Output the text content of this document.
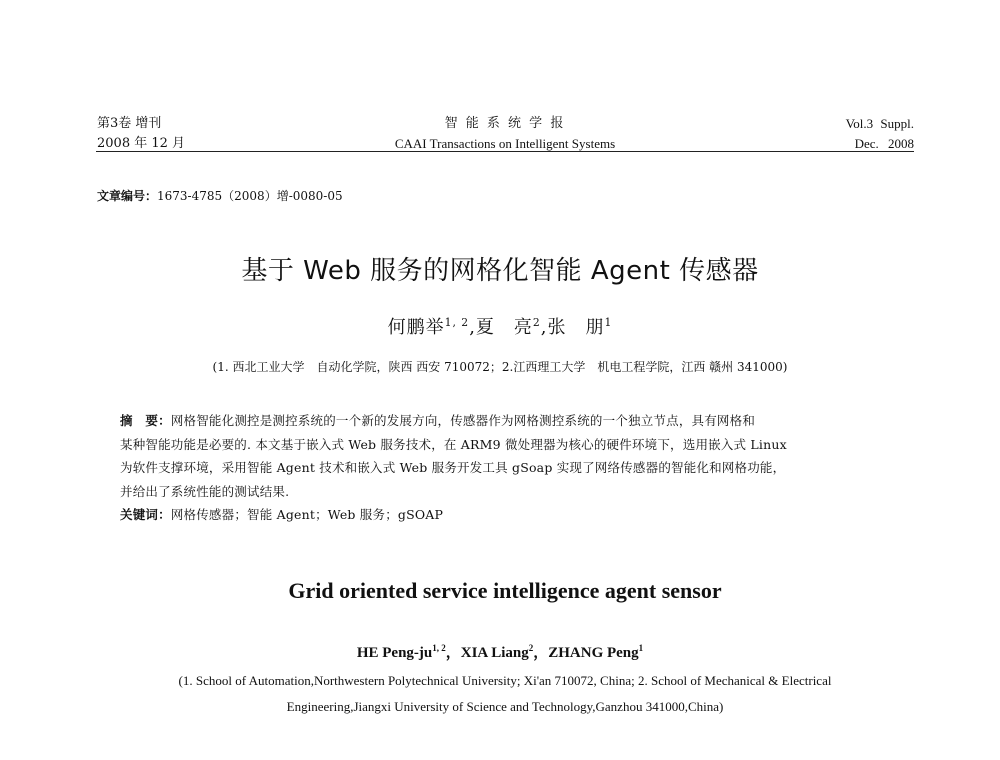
第3卷 增刊
2008 年 12 月
智 能 系 统 学 报
CAAI Transactions on Intelligent Systems
Vol.3 Suppl.
Dec. 2008
文章编号：1673-4785（2008）增-0080-05
基于 Web 服务的网格化智能 Agent 传感器
何鹏举$^{1, 2}$,夏　亮$^2$,张　朋$^1$
(1. 西北工业大学　自动化学院，陕西 西安 710072；2.江西理工大学　机电工程学院，江西 赣州 341000)
摘　要：网格智能化测控是测控系统的一个新的发展方向，传感器作为网格测控系统的一个独立节点，具有网格和
某种智能功能是必要的. 本文基于嵌入式 Web 服务技术，在 ARM9 微处理器为核心的硬件环境下，选用嵌入式 Linux
为软件支撑环境，采用智能 Agent 技术和嵌入式 Web 服务开发工具 gSoap 实现了网络传感器的智能化和网格功能，
并给出了系统性能的测试结果.
关键词：网格传感器；智能 Agent；Web 服务；gSOAP
Grid oriented service intelligence agent sensor
HE Peng-ju$^{1, 2}$，XIA Liang$^2$，ZHANG Peng$^1$
(1. School of Automation,Northwestern Polytechnical University; Xi'an 710072, China; 2. School of Mechanical & Electrical
Engineering,Jiangxi University of Science and Technology,Ganzhou 341000,China)
